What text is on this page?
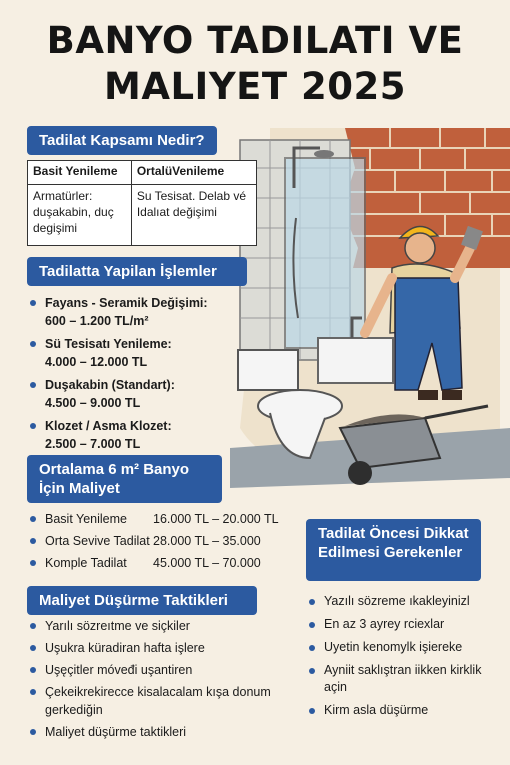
BANYO TADILATI VE
MALIYET 2025
Tadilat Kapsamı Nedir?
Basit Yenileme	OrtalüVenileme
Armatürler: duşakabin, duç degişimi	Su Tesisat. Delab vé Idalıat değişimi
Tadilatta Yapilan İşlemler
Fayans - Seramik Değişimi:
600 – 1.200 TL/m²
Sü Tesisatı Yenileme:
4.000 – 12.000 TL
Duşakabin (Standart):
4.500 – 9.000 TL
Klozet / Asma Klozet:
2.500 – 7.000 TL
Ortalama 6 m² Banyo İçin Maliyet
Basit Yenileme 16.000 TL – 20.000 TL
Orta Sevive Tadilat 28.000 TL – 35.000
Komple Tadilat 45.000 TL – 70.000
Maliyet Düşürme Taktikleri
Yarılı sözreıtme ve siçkiler
Uşukra küradiran hafta işlere
Uşęçitler móveđi uşantiren
Çekeikrekirecce kisalacalam kışa donum gerkediğin
Maliyet düşürme taktikleri
Tadilat Öncesi Dikkat Edilmesi Gerekenler
Yazılı sözreme ıkakleyinizl
En az 3 ayrey rciexlar
Uyetin kenomylk işiereke
Ayniit saklıştran iikken kirklik açin
Kirm asla düşürme
